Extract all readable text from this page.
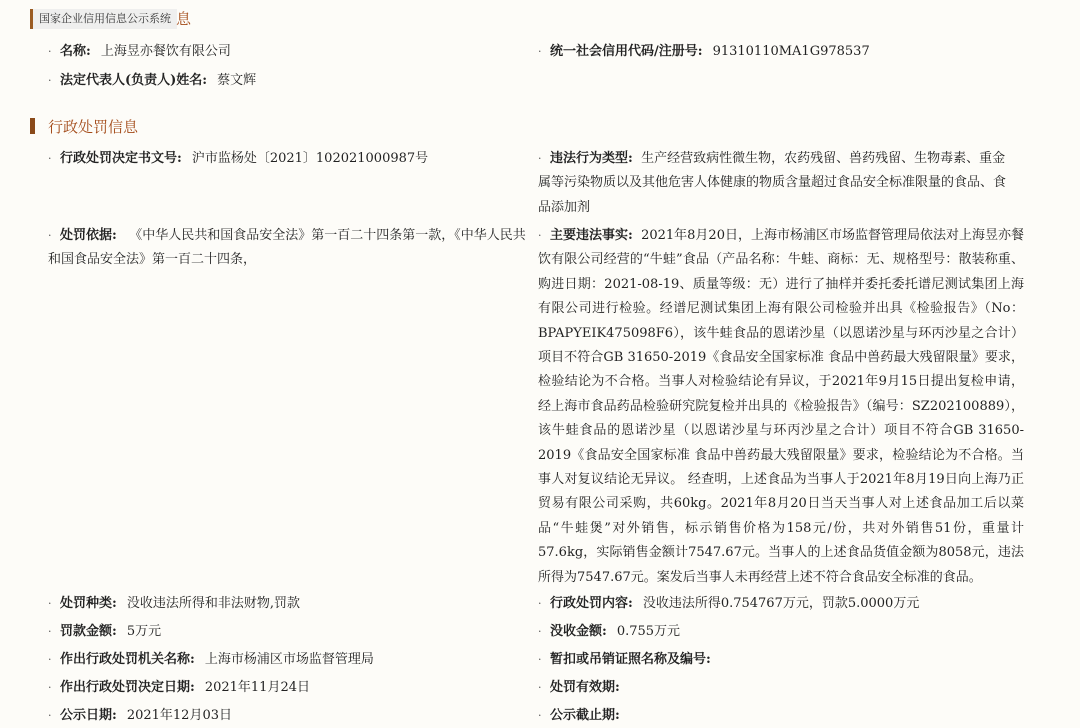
国家企业信用信息公示系统 息
· 名称: 上海昱亦餐饮有限公司	· 统一社会信用代码/注册号: 91310110MA1G978537
· 法定代表人(负责人)姓名: 蔡文辉
行政处罚信息
· 行政处罚决定书文号: 沪市监杨处〔2021〕102021000987号	· 违法行为类型: 生产经营致病性微生物，农药残留、兽药残留、生物毒素、重金属等污染物质以及其他危害人体健康的物质含量超过食品安全标准限量的食品、食品添加剂
· 处罚依据: 《中华人民共和国食品安全法》第一百二十四条第一款，《中华人民共和国食品安全法》第一百二十四条，
· 主要违法事实: 2021年8月20日，上海市杨浦区市场监督管理局依法对上海昱亦餐饮有限公司经营的“牛蛙”食品（产品名称：牛蛙、商标：无、规格型号：散装称重、购进日期：2021-08-19、质量等级：无）进行了抽样并委托委托谱尼测试集团上海有限公司进行检验。经谱尼测试集团上海有限公司检验并出具《检验报告》（No：BPAPYEIK475098F6），该牛蛙食品的恩诺沙星（以恩诺沙星与环丙沙星之合计）项目不符合GB 31650-2019《食品安全国家标准 食品中兽药最大残留限量》要求，检验结论为不合格。当事人对检验结论有异议，于2021年9月15日提出复检申请，经上海市食品药品检验研究院复检并出具的《检验报告》（编号：SZ202100889），该牛蛙食品的恩诺沙星（以恩诺沙星与环丙沙星之合计）项目不符合GB 31650-2019《食品安全国家标准 食品中兽药最大残留限量》要求，检验结论为不合格。当事人对复议结论无异议。 经查明，上述食品为当事人于2021年8月19日向上海乃正贸易有限公司采购，共60kg。2021年8月20日当天当事人对上述食品加工后以菜品“牛蛙煲”对外销售，标示销售价格为158元/份，共对外销售51份，重量计57.6kg，实际销售金额计7547.67元。当事人的上述食品货值金额为8058元，违法所得为7547.67元。案发后当事人未再经营上述不符合食品安全标准的食品。
· 处罚种类: 没收违法所得和非法财物,罚款	· 行政处罚内容: 没收违法所得0.754767万元，罚款5.0000万元
· 罚款金额: 5万元	· 没收金额: 0.755万元
· 作出行政处罚机关名称: 上海市杨浦区市场监督管理局	· 暂扣或吊销证照名称及编号:
· 作出行政处罚决定日期: 2021年11月24日	· 处罚有效期:
· 公示日期: 2021年12月03日	· 公示截止期:
